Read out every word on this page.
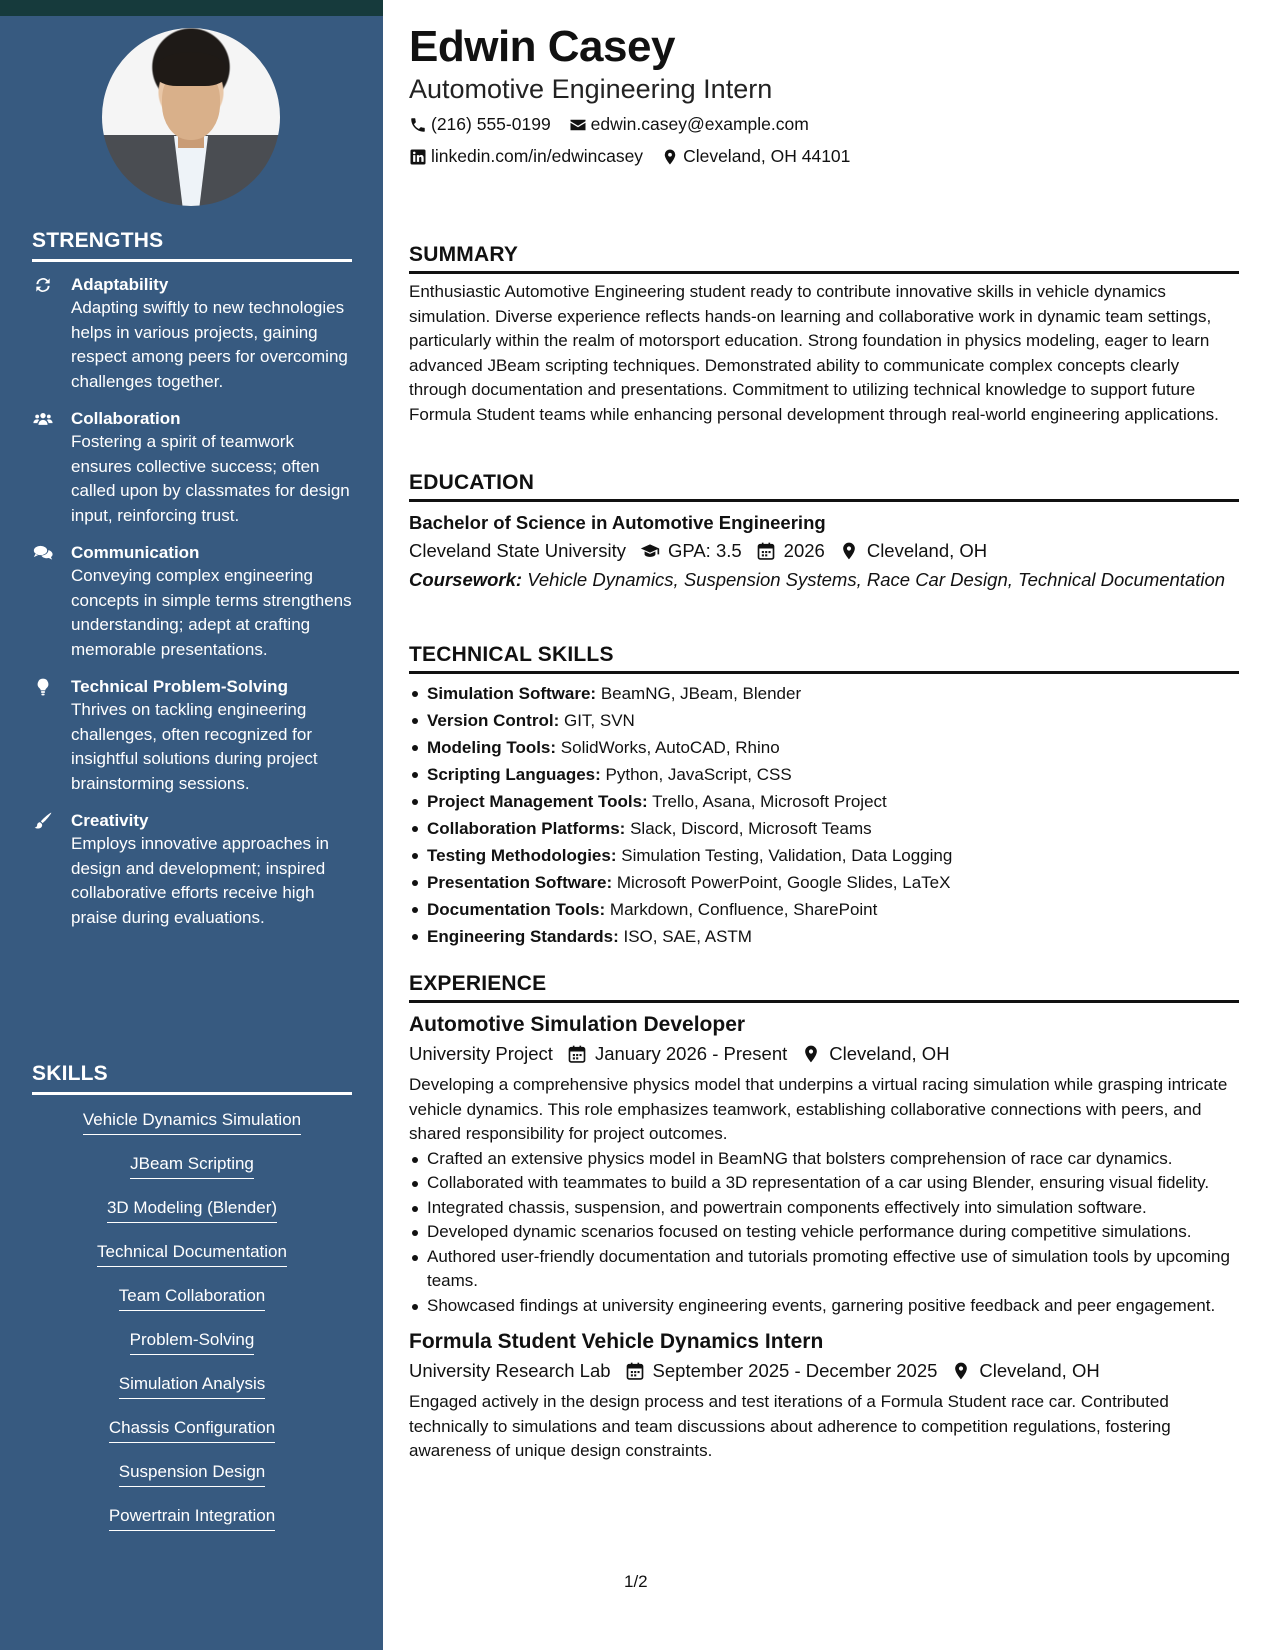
STRENGTHS
Adaptability
Adapting swiftly to new technologies helps in various projects, gaining respect among peers for overcoming challenges together.
Collaboration
Fostering a spirit of teamwork ensures collective success; often called upon by classmates for design input, reinforcing trust.
Communication
Conveying complex engineering concepts in simple terms strengthens understanding; adept at crafting memorable presentations.
Technical Problem-Solving
Thrives on tackling engineering challenges, often recognized for insightful solutions during project brainstorming sessions.
Creativity
Employs innovative approaches in design and development; inspired collaborative efforts receive high praise during evaluations.
SKILLS
Vehicle Dynamics Simulation
JBeam Scripting
3D Modeling (Blender)
Technical Documentation
Team Collaboration
Problem-Solving
Simulation Analysis
Chassis Configuration
Suspension Design
Powertrain Integration
Edwin Casey
Automotive Engineering Intern
(216) 555-0199 edwin.casey@example.com
linkedin.com/in/edwincasey Cleveland, OH 44101
SUMMARY
Enthusiastic Automotive Engineering student ready to contribute innovative skills in vehicle dynamics simulation. Diverse experience reflects hands-on learning and collaborative work in dynamic team settings, particularly within the realm of motorsport education. Strong foundation in physics modeling, eager to learn advanced JBeam scripting techniques. Demonstrated ability to communicate complex concepts clearly through documentation and presentations. Commitment to utilizing technical knowledge to support future Formula Student teams while enhancing personal development through real-world engineering applications.
EDUCATION
Bachelor of Science in Automotive Engineering
Cleveland State University GPA: 3.5 2026 Cleveland, OH
Coursework: Vehicle Dynamics, Suspension Systems, Race Car Design, Technical Documentation
TECHNICAL SKILLS
Simulation Software: BeamNG, JBeam, Blender
Version Control: GIT, SVN
Modeling Tools: SolidWorks, AutoCAD, Rhino
Scripting Languages: Python, JavaScript, CSS
Project Management Tools: Trello, Asana, Microsoft Project
Collaboration Platforms: Slack, Discord, Microsoft Teams
Testing Methodologies: Simulation Testing, Validation, Data Logging
Presentation Software: Microsoft PowerPoint, Google Slides, LaTeX
Documentation Tools: Markdown, Confluence, SharePoint
Engineering Standards: ISO, SAE, ASTM
EXPERIENCE
Automotive Simulation Developer
University Project January 2026 - Present Cleveland, OH
Developing a comprehensive physics model that underpins a virtual racing simulation while grasping intricate vehicle dynamics. This role emphasizes teamwork, establishing collaborative connections with peers, and shared responsibility for project outcomes.
Crafted an extensive physics model in BeamNG that bolsters comprehension of race car dynamics.
Collaborated with teammates to build a 3D representation of a car using Blender, ensuring visual fidelity.
Integrated chassis, suspension, and powertrain components effectively into simulation software.
Developed dynamic scenarios focused on testing vehicle performance during competitive simulations.
Authored user-friendly documentation and tutorials promoting effective use of simulation tools by upcoming teams.
Showcased findings at university engineering events, garnering positive feedback and peer engagement.
Formula Student Vehicle Dynamics Intern
University Research Lab September 2025 - December 2025 Cleveland, OH
Engaged actively in the design process and test iterations of a Formula Student race car. Contributed technically to simulations and team discussions about adherence to competition regulations, fostering awareness of unique design constraints.
1/2
